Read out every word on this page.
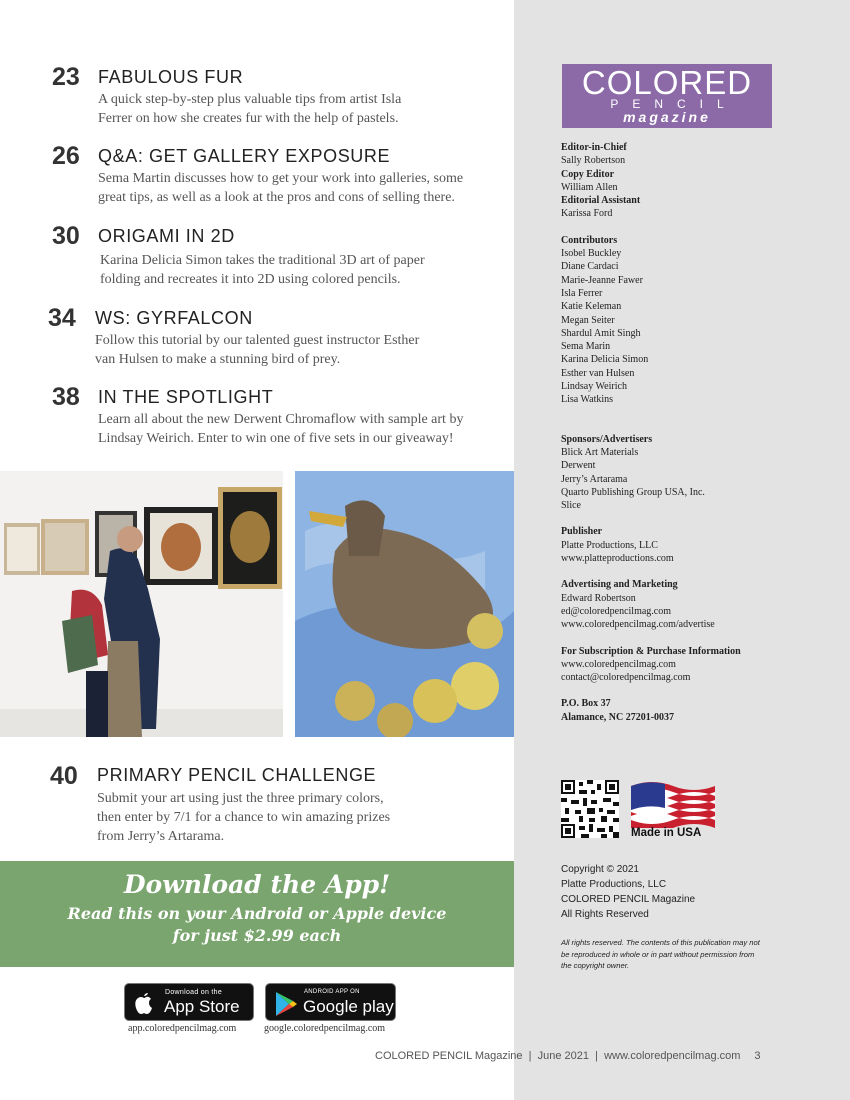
23 FABULOUS FUR
A quick step-by-step plus valuable tips from artist Isla
Ferrer on how she creates fur with the help of pastels.
26 Q&A: GET GALLERY EXPOSURE
Sema Martin discusses how to get your work into galleries, some
great tips, as well as a look at the pros and cons of selling there.
30 ORIGAMI IN 2D
Karina Delicia Simon takes the traditional 3D art of paper
folding and recreates it into 2D using colored pencils.
34 WS: GYRFALCON
Follow this tutorial by our talented guest instructor Esther
van Hulsen to make a stunning bird of prey.
38 IN THE SPOTLIGHT
Learn all about the new Derwent Chromaflow with sample art by
Lindsay Weirich. Enter to win one of five sets in our giveaway!
40 PRIMARY PENCIL CHALLENGE
Submit your art using just the three primary colors,
then enter by 7/1 for a chance to win amazing prizes
from Jerry’s Artarama.
Download the App!
Read this on your Android or Apple device
for just $2.99 each
Download on the
App Store
app.coloredpencilmag.com
ANDROID APP ON
Google play
google.coloredpencilmag.com
COLORED
PENCIL
magazine
Editor-in-Chief
Sally Robertson
Copy Editor
William Allen
Editorial Assistant
Karissa Ford
Contributors
Isobel Buckley
Diane Cardaci
Marie-Jeanne Fawer
Isla Ferrer
Katie Keleman
Megan Seiter
Shardul Amit Singh
Sema Marin
Karina Delicia Simon
Esther van Hulsen
Lindsay Weirich
Lisa Watkins
Sponsors/Advertisers
Blick Art Materials
Derwent
Jerry’s Artarama
Quarto Publishing Group USA, Inc.
Slice
Publisher
Platte Productions, LLC
www.platteproductions.com
Advertising and Marketing
Edward Robertson
ed@coloredpencilmag.com
www.coloredpencilmag.com/advertise
For Subscription & Purchase Information
www.coloredpencilmag.com
contact@coloredpencilmag.com
P.O. Box 37
Alamance, NC 27201-0037
Made in USA
Copyright © 2021
Platte Productions, LLC
COLORED PENCIL Magazine
All Rights Reserved
All rights reserved. The contents of this publication may not be reproduced in whole or in part without permission from the copyright owner.
COLORED PENCIL Magazine  |  June 2021  |  www.coloredpencilmag.com 3
